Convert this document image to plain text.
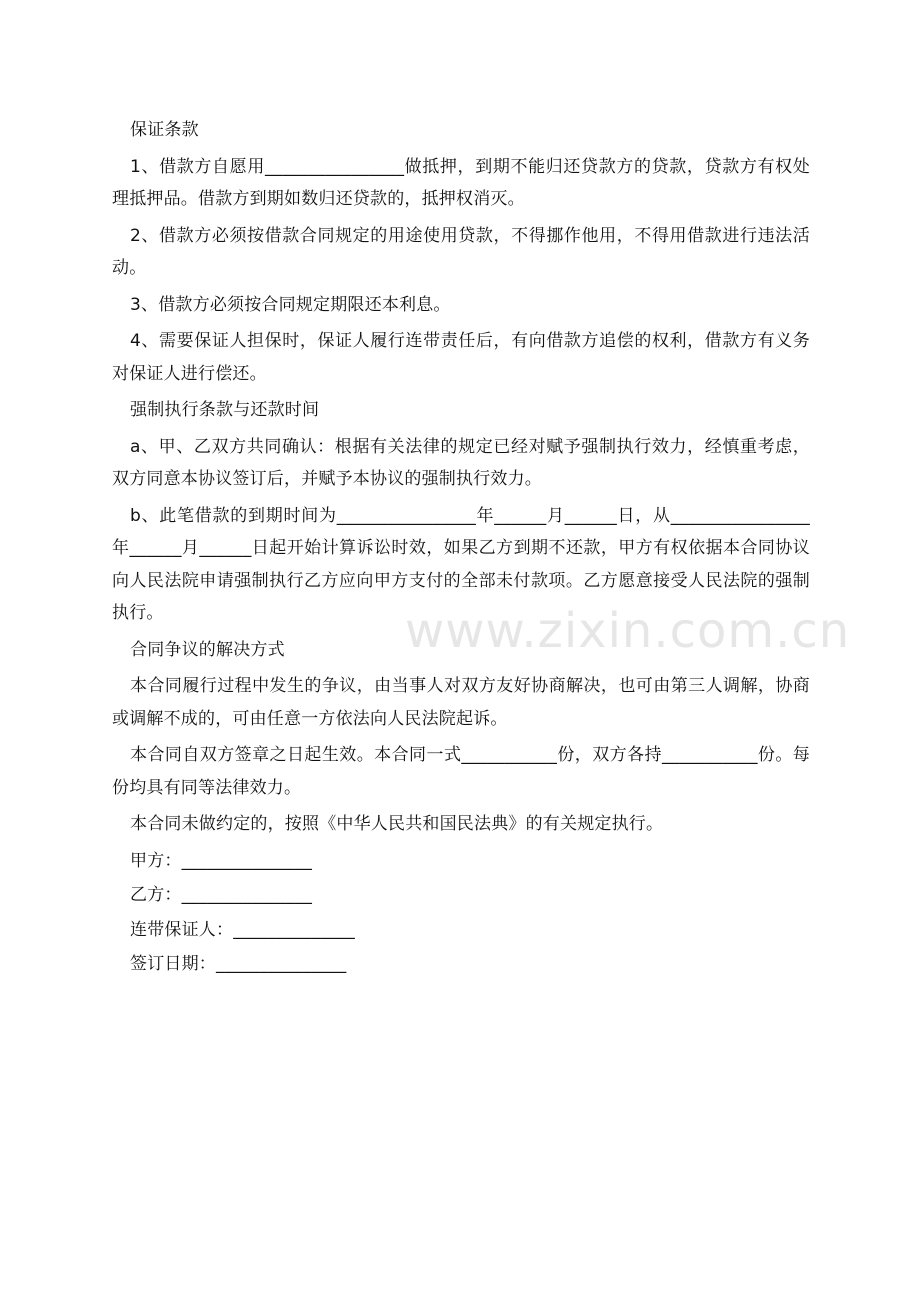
www.zixin.com.cn

保证条款

1、借款方自愿用________________做抵押，到期不能归还贷款方的贷款，贷款方有权处理抵押品。借款方到期如数归还贷款的，抵押权消灭。

2、借款方必须按借款合同规定的用途使用贷款，不得挪作他用，不得用借款进行违法活动。

3、借款方必须按合同规定期限还本利息。

4、需要保证人担保时，保证人履行连带责任后，有向借款方追偿的权利，借款方有义务对保证人进行偿还。

强制执行条款与还款时间

a、甲、乙双方共同确认：根据有关法律的规定已经对赋予强制执行效力，经慎重考虑，双方同意本协议签订后，并赋予本协议的强制执行效力。

b、此笔借款的到期时间为________________年______月______日，从________________年______月______日起开始计算诉讼时效，如果乙方到期不还款，甲方有权依据本合同协议向人民法院申请强制执行乙方应向甲方支付的全部未付款项。乙方愿意接受人民法院的强制执行。

合同争议的解决方式

本合同履行过程中发生的争议，由当事人对双方友好协商解决，也可由第三人调解，协商或调解不成的，可由任意一方依法向人民法院起诉。

本合同自双方签章之日起生效。本合同一式___________份，双方各持___________份。每份均具有同等法律效力。

本合同未做约定的，按照《中华人民共和国民法典》的有关规定执行。

甲方：_______________

乙方：_______________

连带保证人：______________

签订日期：_______________
